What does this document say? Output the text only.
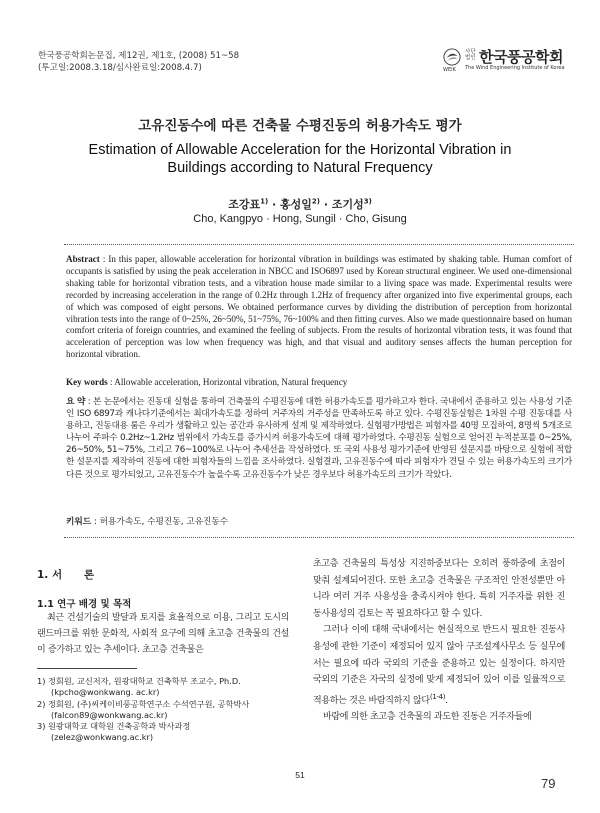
한국풍공학회논문집, 제12권, 제1호, (2008) 51~58
(투고일:2008.3.18/심사완료일:2008.4.7)
사단
법인 한국풍공학회
WEIK The Wind Engineering Institute of Korea
고유진동수에 따른 건축물 수평진동의 허용가속도 평가
Estimation of Allowable Acceleration for the Horizontal Vibration in Buildings according to Natural Frequency
조강표$^{1)}$ · 홍성일$^{2)}$ · 조기성$^{3)}$
Cho, Kangpyo · Hong, Sungil · Cho, Gisung
Abstract : In this paper, allowable acceleration for horizontal vibration in buildings was estimated by shaking table. Human comfort of occupants is satisfied by using the peak acceleration in NBCC and ISO6897 used by Korean structural engineer. We used one-dimensional shaking table for horizontal vibration tests, and a vibration house made similar to a living space was made. Experimental results were recorded by increasing acceleration in the range of 0.2Hz through 1.2Hz of frequency after organized into five experimental groups, each of which was composed of eight persons. We obtained performance curves by dividing the distribution of perception from horizontal vibration tests into the range of 0~25%, 26~50%, 51~75%, 76~100% and then fitting curves. Also we made questionnaire based on human comfort criteria of foreign countries, and examined the feeling of subjects. From the results of horizontal vibration tests, it was found that acceleration of perception was low when frequency was high, and that visual and auditory senses affects the human perception for horizontal vibration.
Key words : Allowable acceleration, Horizontal vibration, Natural frequency
요 약 : 본 논문에서는 진동대 실험을 통하여 건축물의 수평진동에 대한 허용가속도를 평가하고자 한다. 국내에서 준용하고 있는 사용성 기준인 ISO 6897과 캐나다기준에서는 최대가속도를 정하여 거주자의 거주성을 만족하도록 하고 있다. 수평진동실험은 1차원 수평 진동대를 사용하고, 진동대용 룸은 우리가 생활하고 있는 공간과 유사하게 설계 및 제작하였다. 실험평가방법은 피험자를 40명 모집하여, 8명씩 5개조로 나누어 주파수 0.2Hz~1.2Hz 범위에서 가속도를 증가시켜 허용가속도에 대해 평가하였다. 수평진동 실험으로 얻어진 누적분포를 0~25%, 26~50%, 51~75%, 그리고 76~100%로 나누어 추세선을 작성하였다. 또 국외 사용성 평가기준에 반영된 설문지를 바탕으로 실험에 적합한 설문지를 제작하여 진동에 대한 피험자들의 느낌을 조사하였다. 실험결과, 고유진동수에 따라 피험자가 견딜 수 있는 허용가속도의 크기가 다른 것으로 평가되었고, 고유진동수가 높을수록 고유진동수가 낮은 경우보다 허용가속도의 크기가 작았다.
키워드 : 허용가속도, 수평진동, 고유진동수
1. 서      론
1.1 연구 배경 및 목적

최근 건설기술의 발달과 토지를 효율적으로 이용, 그리고 도시의 랜드마크를 위한 문화적, 사회적 요구에 의해 초고층 건축물의 건설이 증가하고 있는 추세이다. 초고층 건축물은

1) 정회원, 교신저자, 원광대학교 건축학부 조교수, Ph.D.(kpcho@wonkwang. ac.kr)
2) 정회원, (주)씨케이비풍공학연구소 수석연구원, 공학박사(falcon89@wonkwang.ac.kr)
3) 원광대학교 대학원 건축공학과 박사과정(zelez@wonkwang.ac.kr)

초고층 건축물의 특성상 지진하중보다는 오히려 풍하중에 초점이 맞춰 설계되어진다. 또한 초고층 건축물은 구조적인 안전성뿐만 아니라 여러 거주 사용성을 충족시켜야 한다. 특히 거주자를 위한 진동사용성의 검토는 꼭 필요하다고 할 수 있다.

그러나 이에 대해 국내에서는 현실적으로 반드시 필요한 진동사용성에 관한 기준이 제정되어 있지 않아 구조설계사무소 등 실무에서는 필요에 따라 국외의 기준을 준용하고 있는 실정이다. 하지만 국외의 기준은 자국의 실정에 맞게 제정되어 있어 이를 일률적으로 적용하는 것은 바람직하지 않다$^{(1-4)}$.

바람에 의한 초고층 건축물의 과도한 진동은 거주자들에

51
79
